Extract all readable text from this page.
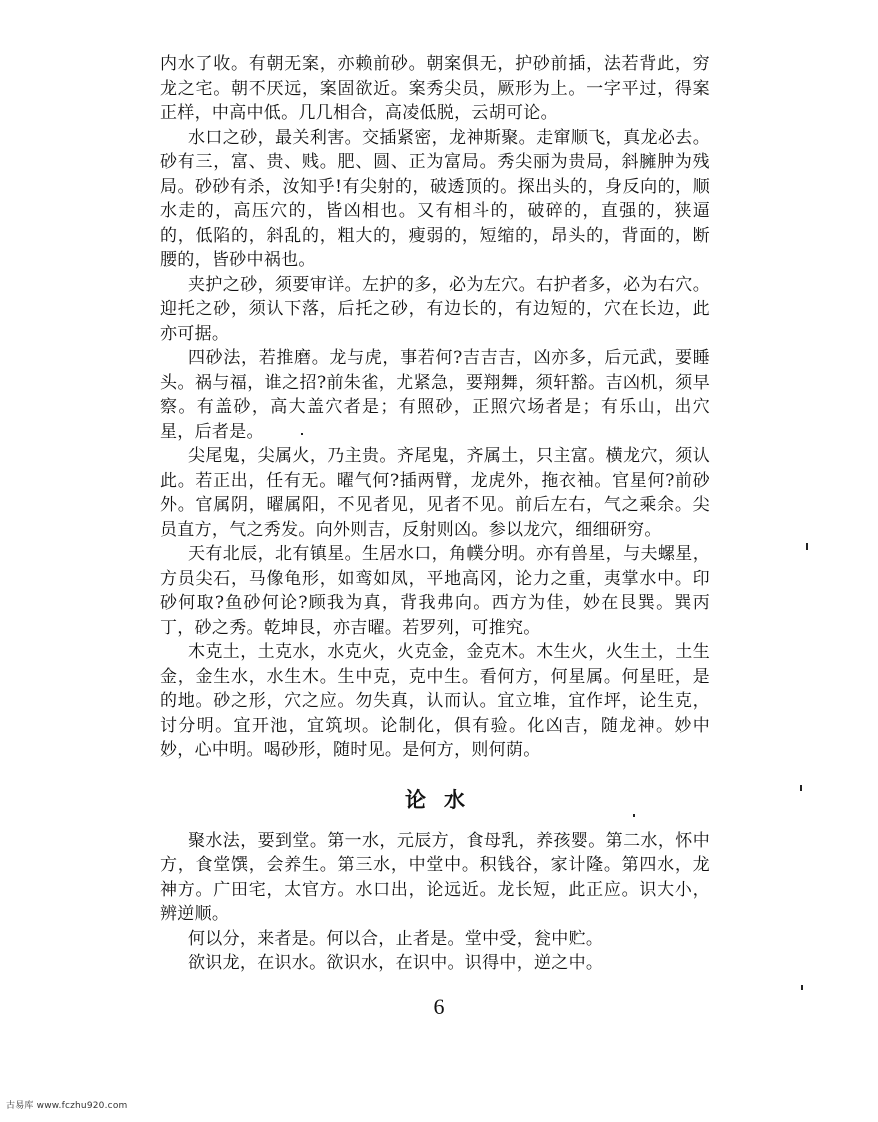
内水了收。有朝无案，亦赖前砂。朝案俱无，护砂前插，法若背此，穷龙之宅。朝不厌远，案固欲近。案秀尖员，厥形为上。一字平过，得案正样，中高中低。几几相合，高凌低脱，云胡可论。

水口之砂，最关利害。交插紧密，龙神斯聚。走窜顺飞，真龙必去。砂有三，富、贵、贱。肥、圆、正为富局。秀尖丽为贵局，斜臃肿为残局。砂砂有杀，汝知乎!有尖射的，破透顶的。探出头的，身反向的，顺水走的，高压穴的，皆凶相也。又有相斗的，破碎的，直强的，狭逼的，低陷的，斜乱的，粗大的，瘦弱的，短缩的，昂头的，背面的，断腰的，皆砂中祸也。

夹护之砂，须要审详。左护的多，必为左穴。右护者多，必为右穴。迎托之砂，须认下落，后托之砂，有边长的，有边短的，穴在长边，此亦可据。

四砂法，若推磨。龙与虎，事若何?吉吉吉，凶亦多，后元武，要睡头。祸与福，谁之招?前朱雀，尤紧急，要翔舞，须轩豁。吉凶机，须早察。有盖砂，高大盖穴者是；有照砂，正照穴场者是；有乐山，出穴星，后者是。

尖尾鬼，尖属火，乃主贵。齐尾鬼，齐属土，只主富。横龙穴，须认此。若正出，任有无。曜气何?插两臂，龙虎外，拖衣袖。官星何?前砂外。官属阴，曜属阳，不见者见，见者不见。前后左右，气之乘余。尖员直方，气之秀发。向外则吉，反射则凶。参以龙穴，细细研穷。

天有北辰，北有镇星。生居水口，角幞分明。亦有兽星，与夫螺星，方员尖石，马像龟形，如鸾如凤，平地高冈，论力之重，夷掌水中。印砂何取?鱼砂何论?顾我为真，背我弗向。西方为佳，妙在艮巽。巽丙丁，砂之秀。乾坤艮，亦吉曜。若罗列，可推究。

木克土，土克水，水克火，火克金，金克木。木生火，火生土，土生金，金生水，水生木。生中克，克中生。看何方，何星属。何星旺，是的地。砂之形，穴之应。勿失真，认而认。宜立堆，宜作坪，论生克，讨分明。宜开池，宜筑坝。论制化，俱有验。化凶吉，随龙神。妙中妙，心中明。喝砂形，随时见。是何方，则何荫。

论水

聚水法，要到堂。第一水，元辰方，食母乳，养孩婴。第二水，怀中方，食堂馔，会养生。第三水，中堂中。积钱谷，家计隆。第四水，龙神方。广田宅，太官方。水口出，论远近。龙长短，此正应。识大小，辨逆顺。

何以分，来者是。何以合，止者是。堂中受，瓮中贮。

欲识龙，在识水。欲识水，在识中。识得中，逆之中。

6
古易库 www.fczhu920.com
